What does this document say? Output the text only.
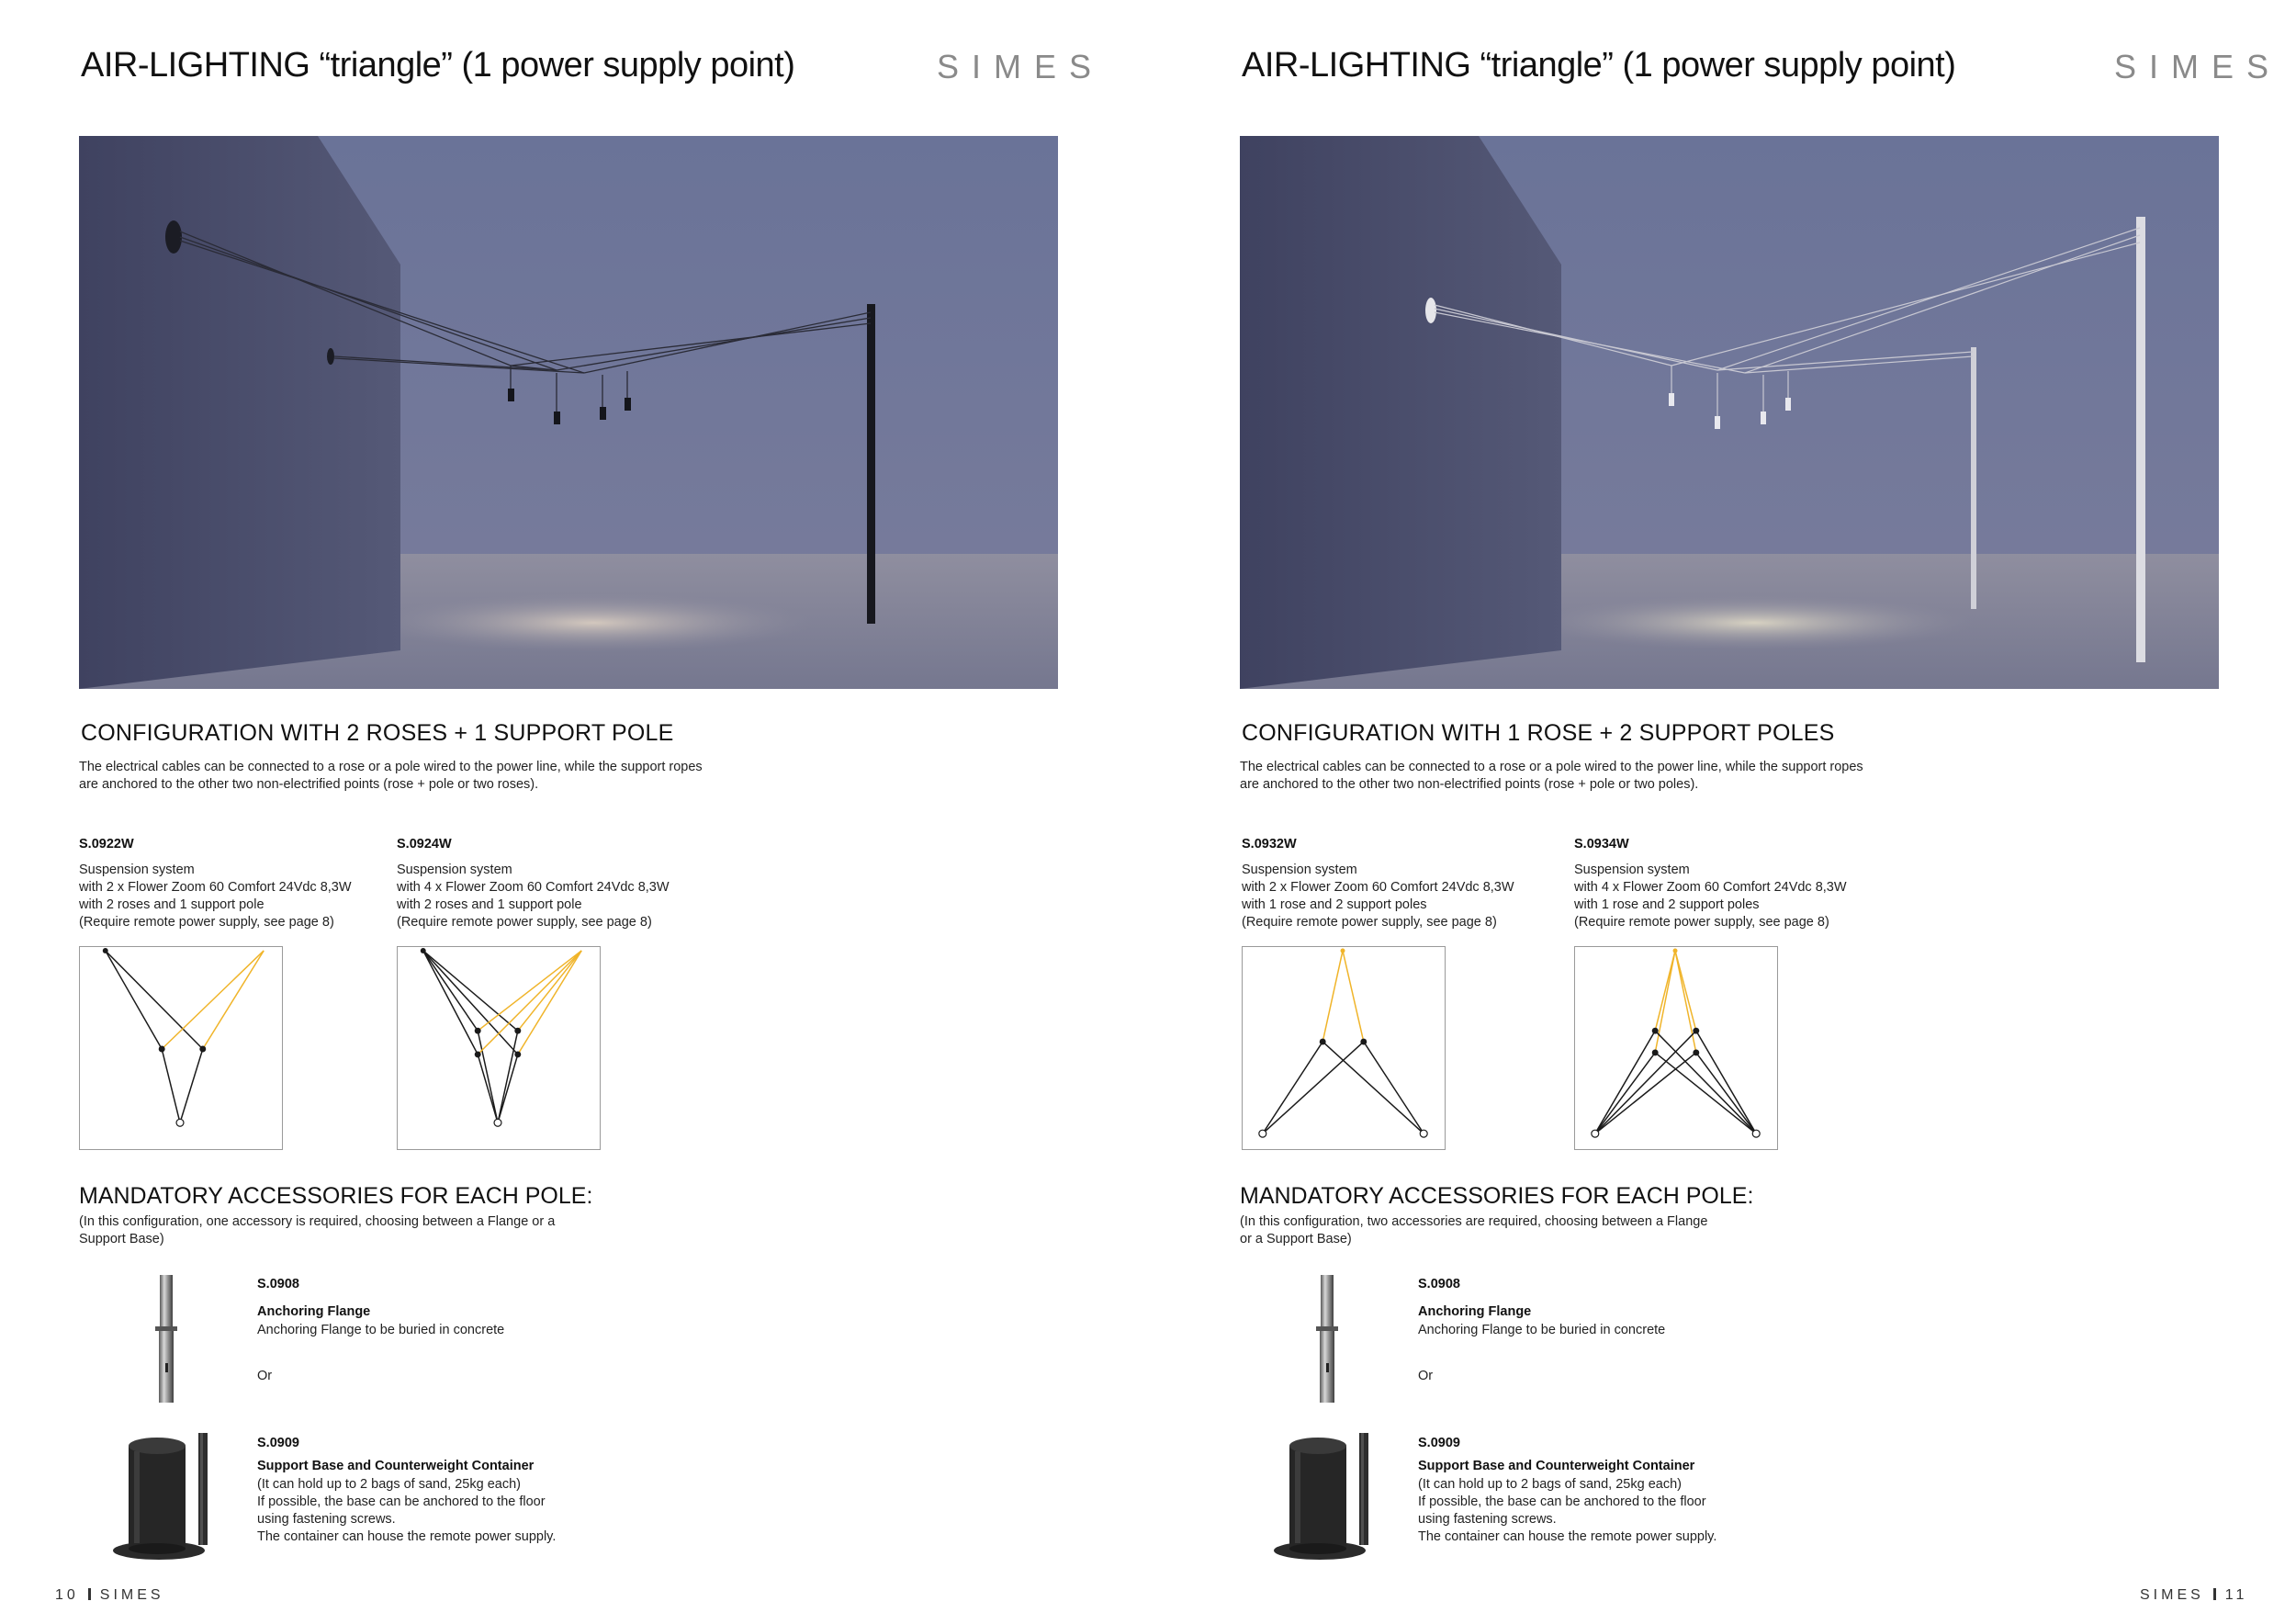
AIR-LIGHTING “triangle” (1 power supply point)	SIMES
CONFIGURATION WITH 2 ROSES + 1 SUPPORT POLE
The electrical cables can be connected to a rose or a pole wired to the power line, while the support ropes
are anchored to the other two non-electrified points (rose + pole or two roses).
S.0922W
Suspension system
with 2 x Flower Zoom 60 Comfort 24Vdc 8,3W
with 2 roses and 1 support pole
(Require remote power supply, see page 8)
S.0924W
Suspension system
with 4 x Flower Zoom 60 Comfort 24Vdc 8,3W
with 2 roses and 1 support pole
(Require remote power supply, see page 8)
MANDATORY ACCESSORIES FOR EACH POLE:
(In this configuration, one accessory is required, choosing between a Flange or a
Support Base)
S.0908
Anchoring Flange
Anchoring Flange to be buried in concrete
Or
S.0909
Support Base and Counterweight Container
(It can hold up to 2 bags of sand, 25kg each)
If possible, the base can be anchored to the floor
using fastening screws.
The container can house the remote power supply.
10 SIMES
AIR-LIGHTING “triangle” (1 power supply point)	SIMES
CONFIGURATION WITH 1 ROSE + 2 SUPPORT POLES
The electrical cables can be connected to a rose or a pole wired to the power line, while the support ropes
are anchored to the other two non-electrified points (rose + pole or two poles).
S.0932W
Suspension system
with 2 x Flower Zoom 60 Comfort 24Vdc 8,3W
with 1 rose and 2 support poles
(Require remote power supply, see page 8)
S.0934W
Suspension system
with 4 x Flower Zoom 60 Comfort 24Vdc 8,3W
with 1 rose and 2 support poles
(Require remote power supply, see page 8)
MANDATORY ACCESSORIES FOR EACH POLE:
(In this configuration, two accessories are required, choosing between a Flange
or a Support Base)
S.0908
Anchoring Flange
Anchoring Flange to be buried in concrete
Or
S.0909
Support Base and Counterweight Container
(It can hold up to 2 bags of sand, 25kg each)
If possible, the base can be anchored to the floor
using fastening screws.
The container can house the remote power supply.
SIMES 11
